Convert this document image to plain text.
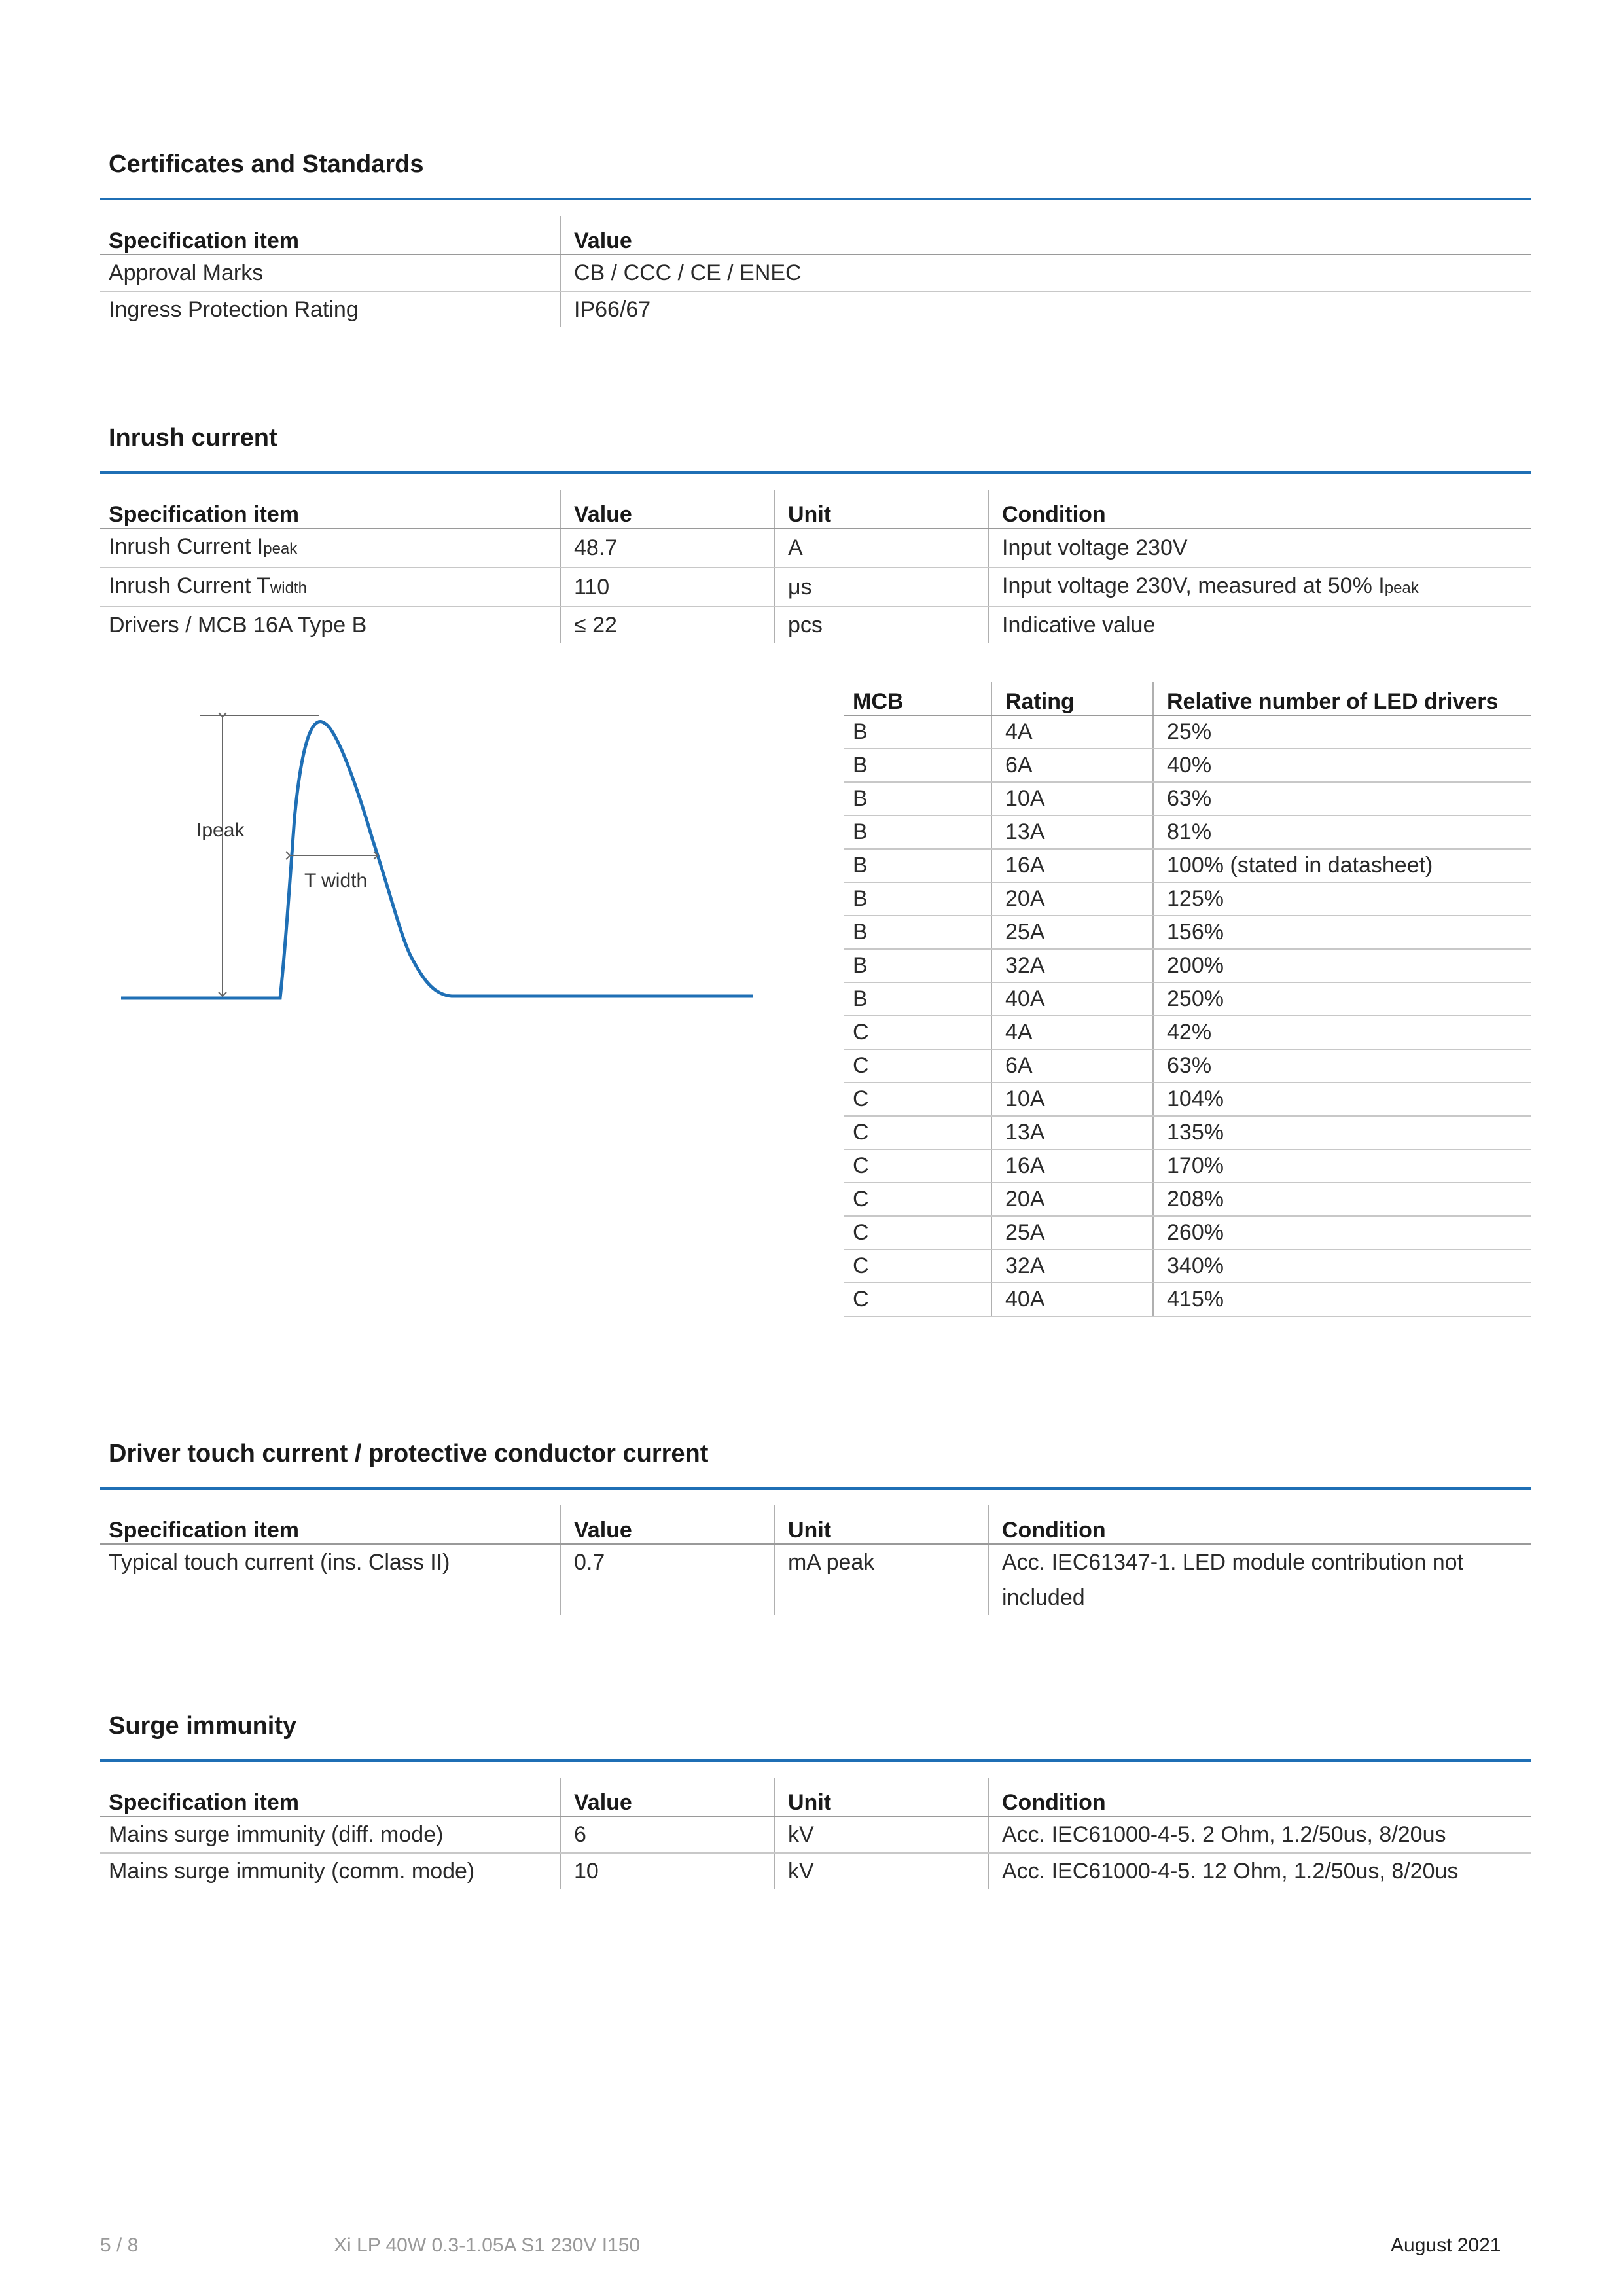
Certificates and Standards
Specification item	Value
Approval Marks	CB / CCC / CE / ENEC
Ingress Protection Rating	IP66/67
Inrush current
Specification item	Value	Unit	Condition
Inrush Current Ipeak	48.7	A	Input voltage 230V
Inrush Current Twidth	110	μs	Input voltage 230V, measured at 50% Ipeak
Drivers / MCB 16A Type B	≤ 22	pcs	Indicative value
Ipeak
T width
MCB	Rating	Relative number of LED drivers
B	4A	25%
B	6A	40%
B	10A	63%
B	13A	81%
B	16A	100% (stated in datasheet)
B	20A	125%
B	25A	156%
B	32A	200%
B	40A	250%
C	4A	42%
C	6A	63%
C	10A	104%
C	13A	135%
C	16A	170%
C	20A	208%
C	25A	260%
C	32A	340%
C	40A	415%
Driver touch current / protective conductor current
Specification item	Value	Unit	Condition
Typical touch current (ins. Class II)	0.7	mA peak	Acc. IEC61347-1. LED module contribution not included
Surge immunity
Specification item	Value	Unit	Condition
Mains surge immunity (diff. mode)	6	kV	Acc. IEC61000-4-5. 2 Ohm, 1.2/50us, 8/20us
Mains surge immunity (comm. mode)	10	kV	Acc. IEC61000-4-5. 12 Ohm, 1.2/50us, 8/20us
5 / 8	Xi LP 40W 0.3-1.05A S1 230V I150	August 2021
